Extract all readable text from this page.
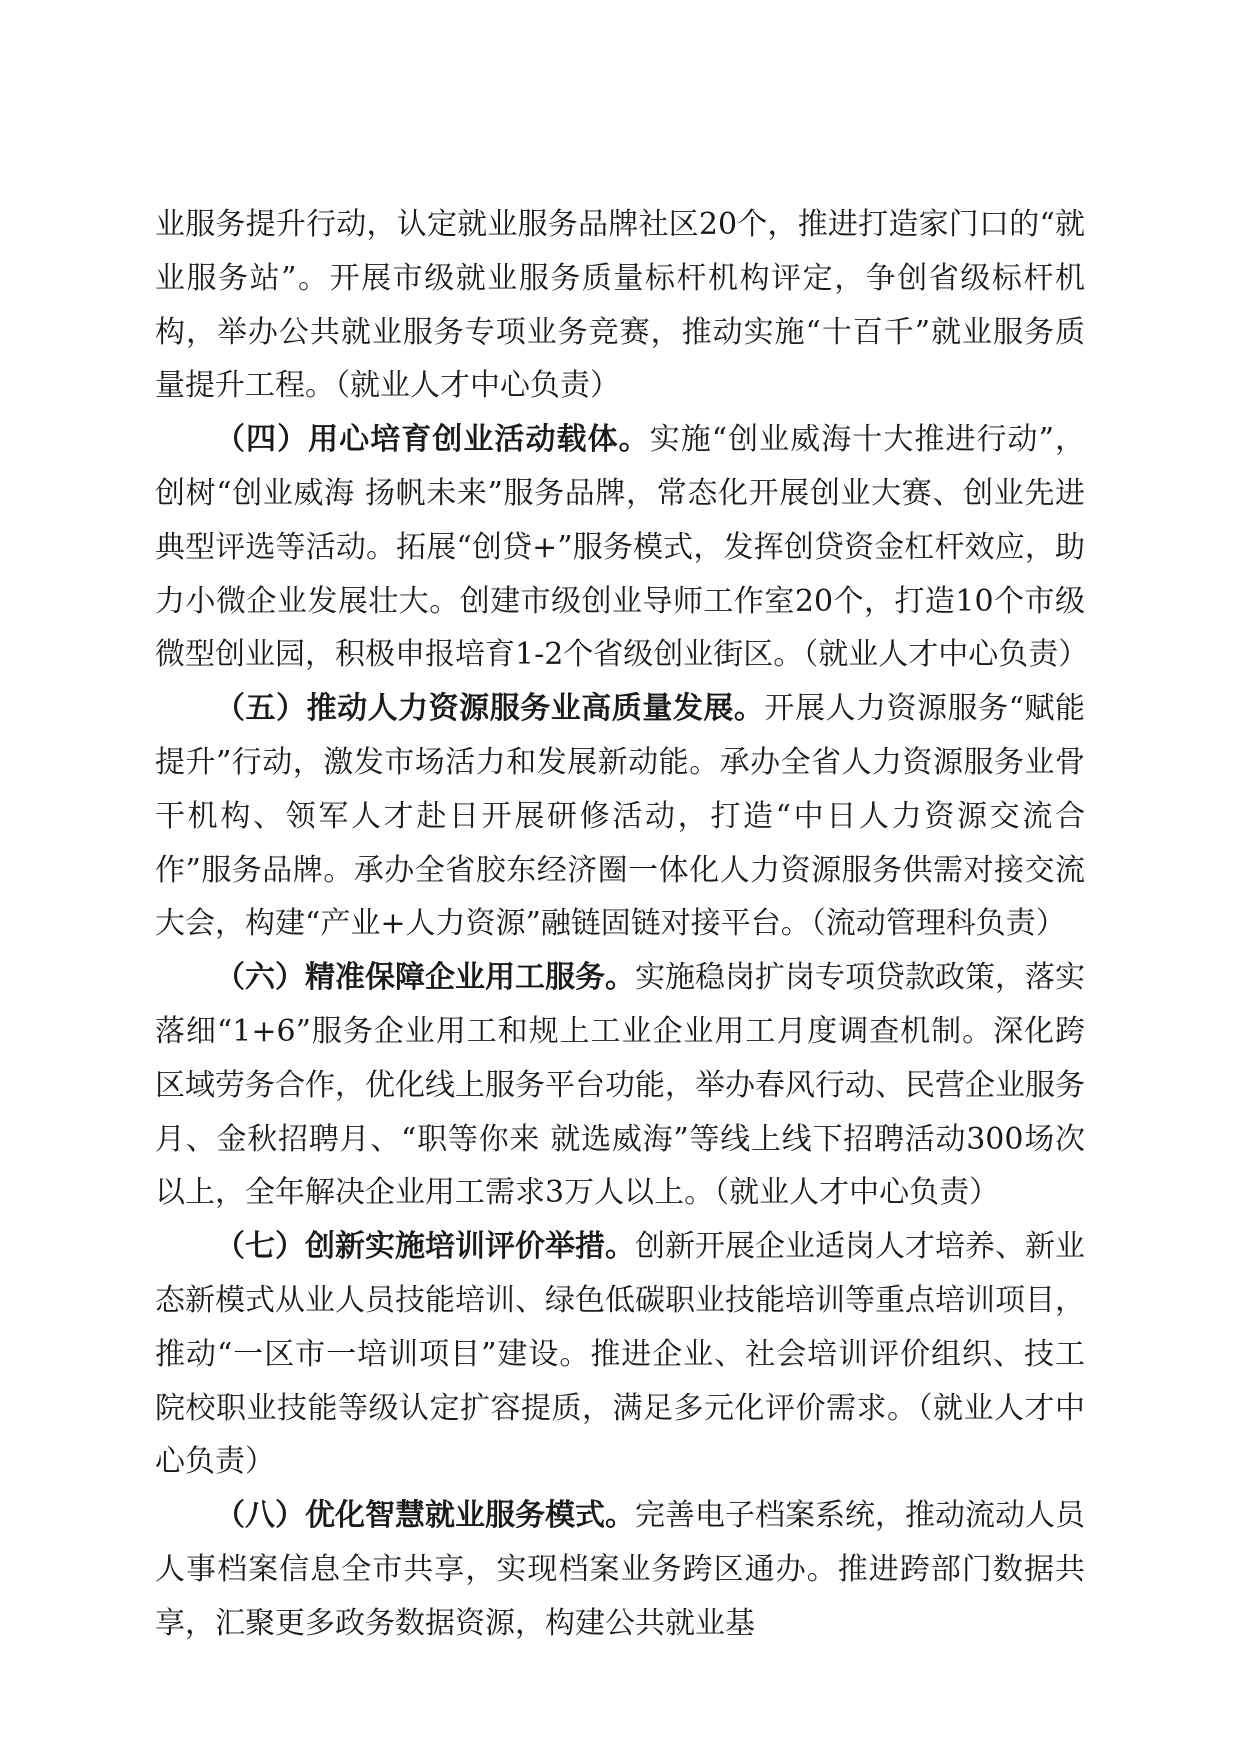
业服务提升行动，认定就业服务品牌社区20个，推进打造家门口的“就业服务站”。开展市级就业服务质量标杆机构评定，争创省级标杆机构，举办公共就业服务专项业务竞赛，推动实施“十百千”就业服务质量提升工程。（就业人才中心负责）

（四）用心培育创业活动载体。实施“创业威海十大推进行动”，创树“创业威海 扬帆未来”服务品牌，常态化开展创业大赛、创业先进典型评选等活动。拓展“创贷+”服务模式，发挥创贷资金杠杆效应，助力小微企业发展壮大。创建市级创业导师工作室20个，打造10个市级微型创业园，积极申报培育1-2个省级创业街区。（就业人才中心负责）

（五）推动人力资源服务业高质量发展。开展人力资源服务“赋能提升”行动，激发市场活力和发展新动能。承办全省人力资源服务业骨干机构、领军人才赴日开展研修活动，打造“中日人力资源交流合作”服务品牌。承办全省胶东经济圈一体化人力资源服务供需对接交流大会，构建“产业+人力资源”融链固链对接平台。（流动管理科负责）

（六）精准保障企业用工服务。实施稳岗扩岗专项贷款政策，落实落细“1+6”服务企业用工和规上工业企业用工月度调查机制。深化跨区域劳务合作，优化线上服务平台功能，举办春风行动、民营企业服务月、金秋招聘月、“职等你来 就选威海”等线上线下招聘活动300场次以上，全年解决企业用工需求3万人以上。（就业人才中心负责）

（七）创新实施培训评价举措。创新开展企业适岗人才培养、新业态新模式从业人员技能培训、绿色低碳职业技能培训等重点培训项目，推动“一区市一培训项目”建设。推进企业、社会培训评价组织、技工院校职业技能等级认定扩容提质，满足多元化评价需求。（就业人才中心负责）

（八）优化智慧就业服务模式。完善电子档案系统，推动流动人员人事档案信息全市共享，实现档案业务跨区通办。推进跨部门数据共享，汇聚更多政务数据资源，构建公共就业基
